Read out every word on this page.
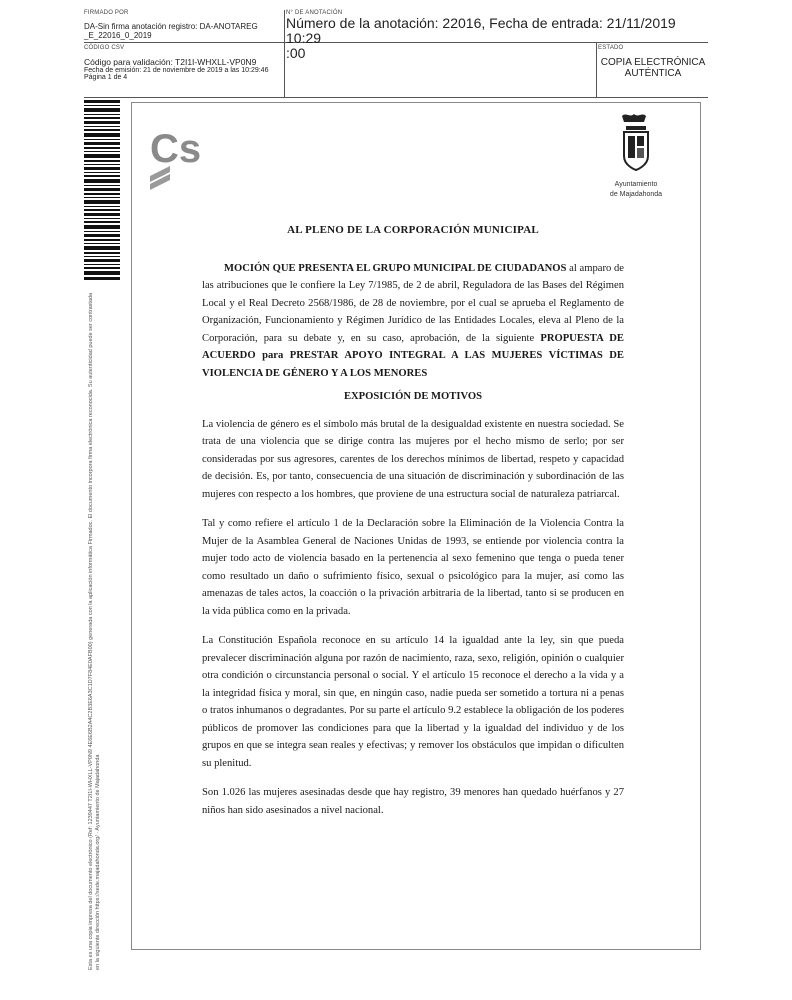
FIRMADO POR
DA-Sin firma anotación registro: DA-ANOTAREG
_E_22016_0_2019
N° DE ANOTACIÓN
Número de la anotación: 22016, Fecha de entrada: 21/11/2019 10:29
:00
CÓDIGO CSV
Código para validación: T2I1I-WHXLL-VP0N9
Fecha de emisión: 21 de noviembre de 2019 a las 10:29:46
Página 1 de 4
ESTADO
COPIA ELECTRÓNICA
AUTÉNTICA
Esta es una copia impresa del documento electrónico (Ref: 1239447 T2I1I-WHXLL-VP0N9 4E6E6B2A4C2B3E6A3C1D7F84E0AFB00) generada con la aplicación informática Firmadoc. El documento incorpora firma electrónica reconocida. Su autenticidad puede ser contrastada en la siguiente dirección https://sede.majadahonda.org/ · Ayuntamiento de Majadahonda
Cs
Ayuntamiento
de Majadahonda
AL PLENO DE LA CORPORACIÓN MUNICIPAL

MOCIÓN QUE PRESENTA EL GRUPO MUNICIPAL DE CIUDADANOS al amparo de las atribuciones que le confiere la Ley 7/1985, de 2 de abril, Reguladora de las Bases del Régimen Local y el Real Decreto 2568/1986, de 28 de noviembre, por el cual se aprueba el Reglamento de Organización, Funcionamiento y Régimen Jurídico de las Entidades Locales, eleva al Pleno de la Corporación, para su debate y, en su caso, aprobación, de la siguiente PROPUESTA DE ACUERDO para PRESTAR APOYO INTEGRAL A LAS MUJERES VÍCTIMAS DE VIOLENCIA DE GÉNERO Y A LOS MENORES

EXPOSICIÓN DE MOTIVOS

La violencia de género es el símbolo más brutal de la desigualdad existente en nuestra sociedad. Se trata de una violencia que se dirige contra las mujeres por el hecho mismo de serlo; por ser consideradas por sus agresores, carentes de los derechos mínimos de libertad, respeto y capacidad de decisión. Es, por tanto, consecuencia de una situación de discriminación y subordinación de las mujeres con respecto a los hombres, que proviene de una estructura social de naturaleza patriarcal.

Tal y como refiere el artículo 1 de la Declaración sobre la Eliminación de la Violencia Contra la Mujer de la Asamblea General de Naciones Unidas de 1993, se entiende por violencia contra la mujer todo acto de violencia basado en la pertenencia al sexo femenino que tenga o pueda tener como resultado un daño o sufrimiento físico, sexual o psicológico para la mujer, así como las amenazas de tales actos, la coacción o la privación arbitraria de la libertad, tanto si se producen en la vida pública como en la privada.

La Constitución Española reconoce en su artículo 14 la igualdad ante la ley, sin que pueda prevalecer discriminación alguna por razón de nacimiento, raza, sexo, religión, opinión o cualquier otra condición o circunstancia personal o social. Y el artículo 15 reconoce el derecho a la vida y a la integridad física y moral, sin que, en ningún caso, nadie pueda ser sometido a tortura ni a penas o tratos inhumanos o degradantes. Por su parte el artículo 9.2 establece la obligación de los poderes públicos de promover las condiciones para que la libertad y la igualdad del individuo y de los grupos en que se integra sean reales y efectivas; y remover los obstáculos que impidan o dificulten su plenitud.

Son 1.026 las mujeres asesinadas desde que hay registro, 39 menores han quedado huérfanos y 27 niños han sido asesinados a nivel nacional.
